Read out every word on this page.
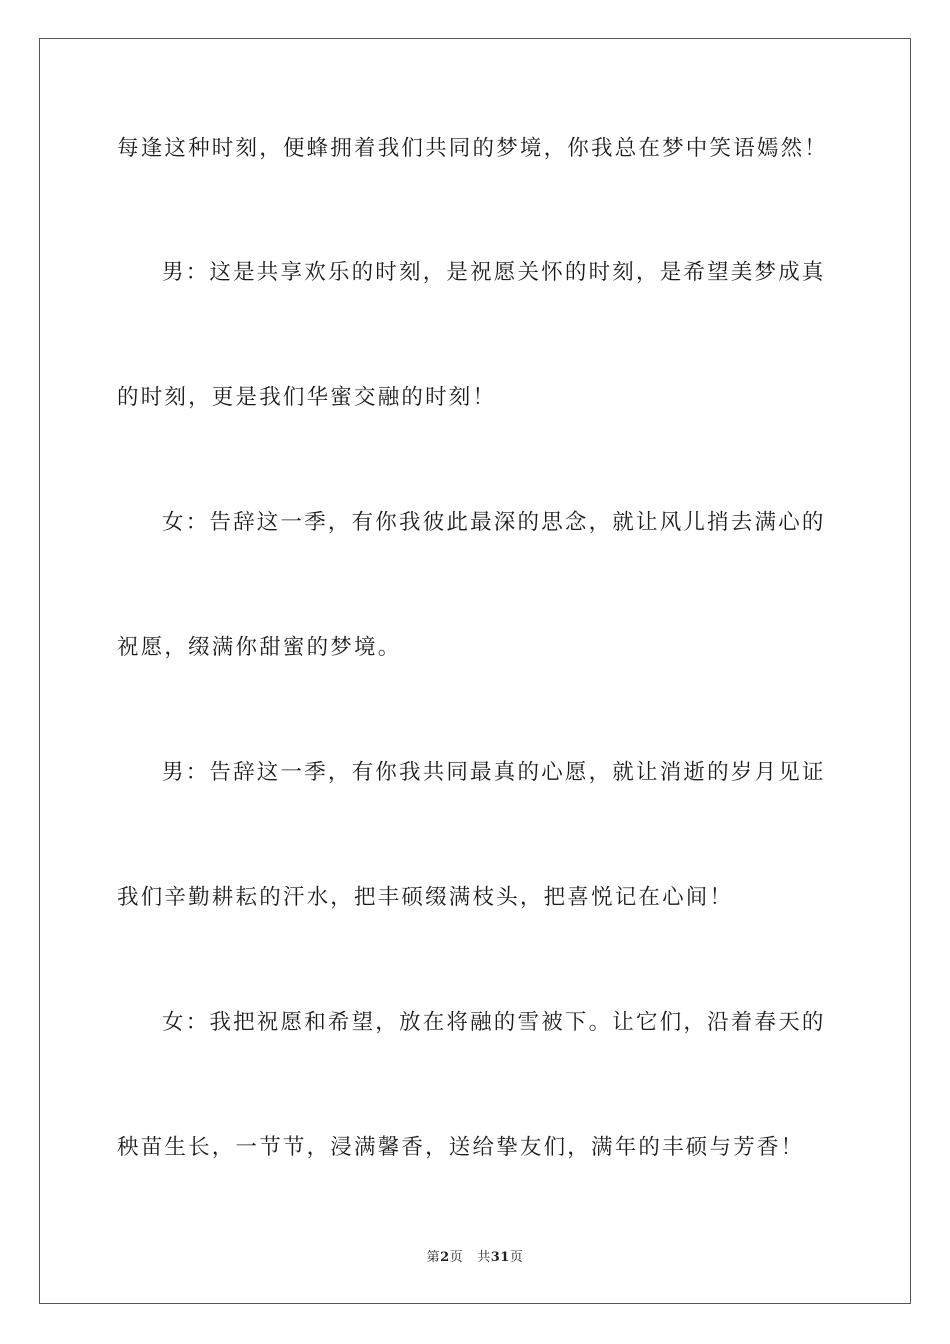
每逢这种时刻，便蜂拥着我们共同的梦境，你我总在梦中笑语嫣然！
男：这是共享欢乐的时刻，是祝愿关怀的时刻，是希望美梦成真
的时刻，更是我们华蜜交融的时刻！
女：告辞这一季，有你我彼此最深的思念，就让风儿捎去满心的
祝愿，缀满你甜蜜的梦境。
男：告辞这一季，有你我共同最真的心愿，就让消逝的岁月见证
我们辛勤耕耘的汗水，把丰硕缀满枝头，把喜悦记在心间！
女：我把祝愿和希望，放在将融的雪被下。让它们，沿着春天的
秧苗生长，一节节，浸满馨香，送给挚友们，满年的丰硕与芳香！
第2页 共31页
